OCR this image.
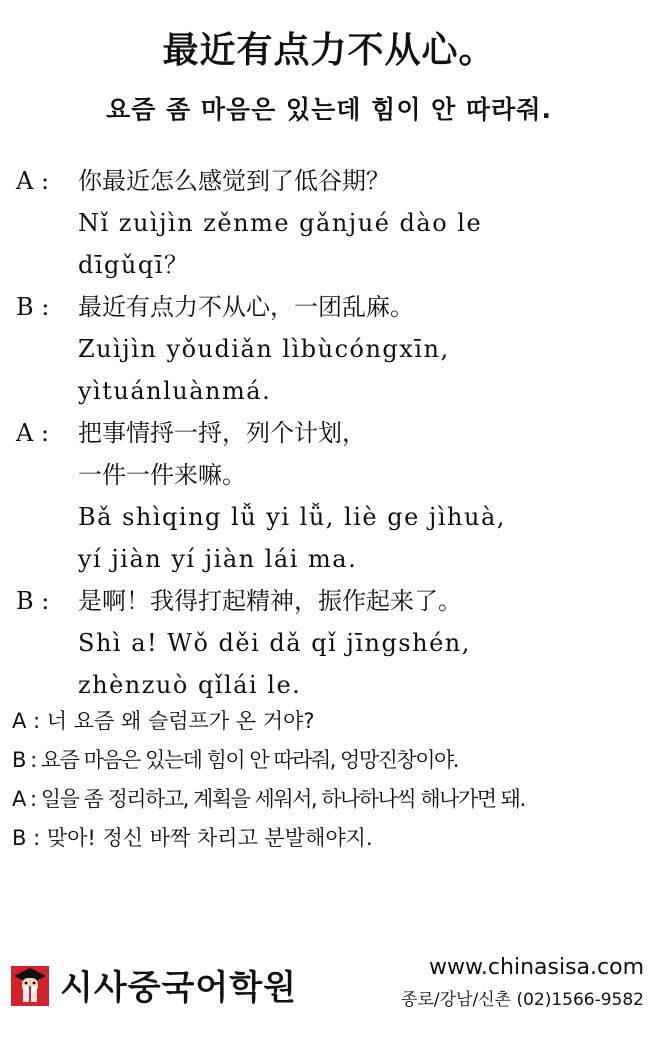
最近有点力不从心。
요즘 좀 마음은 있는데 힘이 안 따라줘.
A :	你最近怎么感觉到了低谷期？
Nǐ zuìjìn zěnme gǎnjué dào le
dīgǔqī？
B :	最近有点力不从心，一团乱麻。
Zuìjìn yǒudiǎn lìbùcóngxīn,
yìtuánluànmá.
A :	把事情捋一捋，列个计划，
一件一件来嘛。
Bǎ shìqing lǚ yi lǚ, liè ge jìhuà,
yí jiàn yí jiàn lái ma.
B :	是啊！我得打起精神，振作起来了。
Shì a! Wǒ děi dǎ qǐ jīngshén,
zhènzuò qǐlái le.
A : 너 요즘 왜 슬럼프가 온 거야?
B : 요즘 마음은 있는데 힘이 안 따라줘, 엉망진창이야.
A : 일을 좀 정리하고, 계획을 세워서, 하나하나씩 해나가면 돼.
B : 맞아! 정신 바짝 차리고 분발해야지.
시사중국어학원
www.chinasisa.com
종로/강남/신촌 (02)1566-9582
